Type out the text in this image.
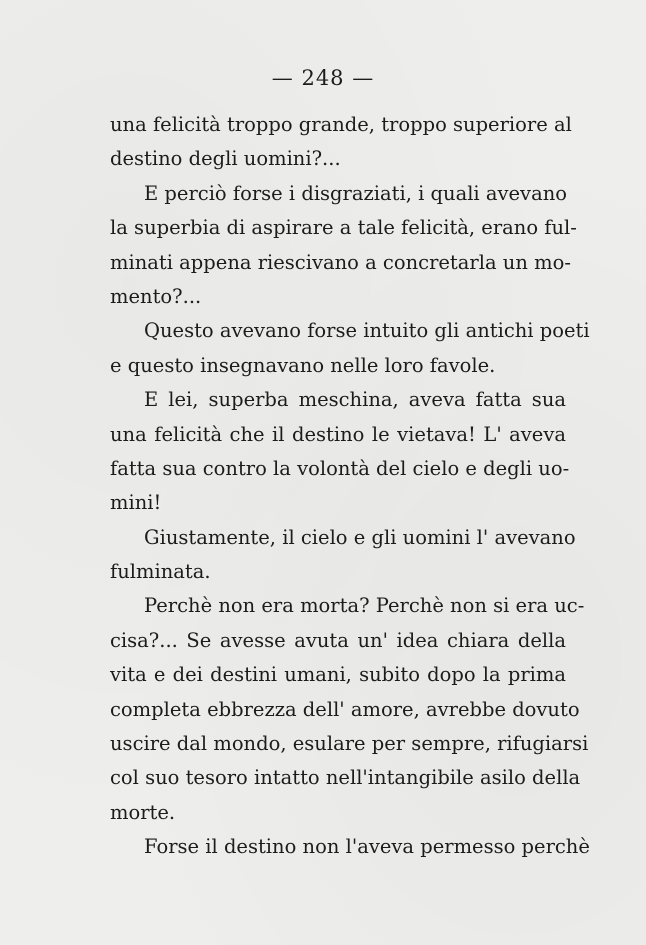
— 248 —
una felicità troppo grande, troppo superiore al
destino degli uomini?...
E perciò forse i disgraziati, i quali avevano
la superbia di aspirare a tale felicità, erano ful-
minati appena riescivano a concretarla un mo-
mento?...
Questo avevano forse intuito gli antichi poeti
e questo insegnavano nelle loro favole.
E lei, superba meschina, aveva fatta sua
una felicità che il destino le vietava! L' aveva
fatta sua contro la volontà del cielo e degli uo-
mini!
Giustamente, il cielo e gli uomini l' avevano
fulminata.
Perchè non era morta? Perchè non si era uc-
cisa?... Se avesse avuta un' idea chiara della
vita e dei destini umani, subito dopo la prima
completa ebbrezza dell' amore, avrebbe dovuto
uscire dal mondo, esulare per sempre, rifugiarsi
col suo tesoro intatto nell'intangibile asilo della
morte.
Forse il destino non l'aveva permesso perchè
